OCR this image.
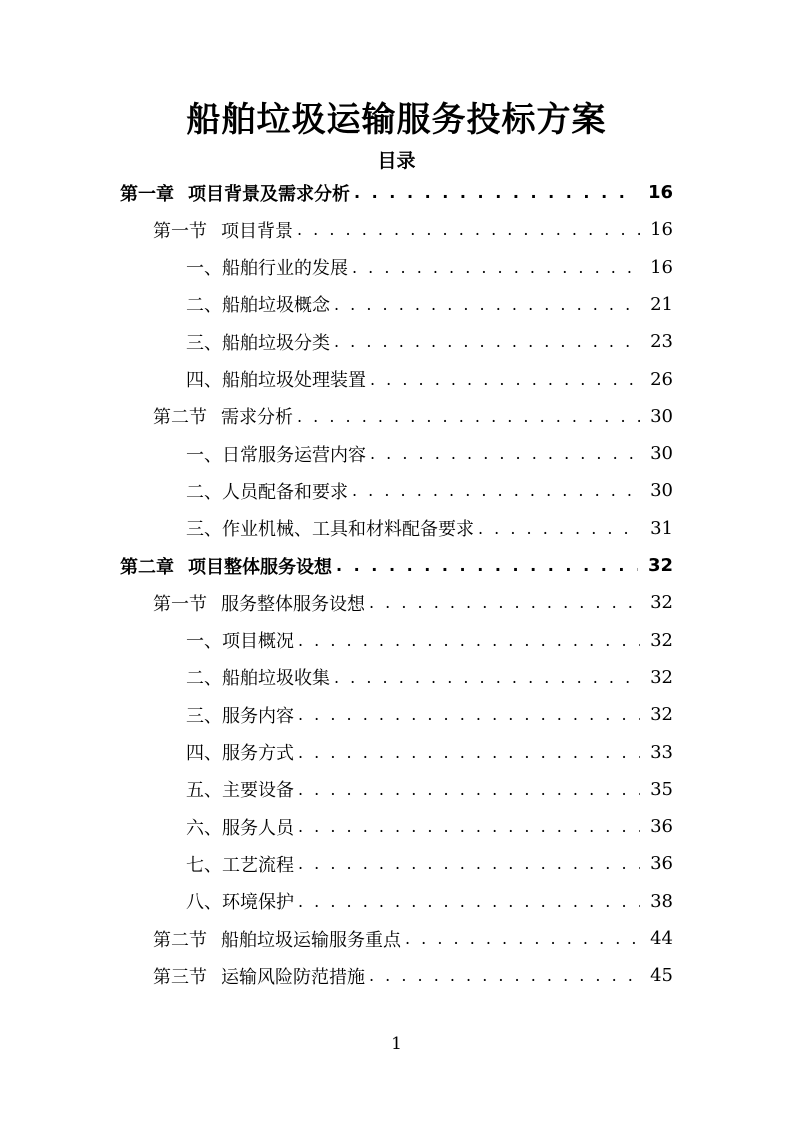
船舶垃圾运输服务投标方案
目录
第一章 项目背景及需求分析 . . .	16
第一节 项目背景 . . .	16
一、 船舶行业的发展 . . .	16
二、 船舶垃圾概念 . . .	21
三、 船舶垃圾分类 . . .	23
四、 船舶垃圾处理装置 . . .	26
第二节 需求分析 . . .	30
一、 日常服务运营内容 . . .	30
二、 人员配备和要求 . . .	30
三、 作业机械、工具和材料配备要求 . . .	31
第二章 项目整体服务设想 . . .	32
第一节 服务整体服务设想 . . .	32
一、 项目概况 . . .	32
二、 船舶垃圾收集 . . .	32
三、 服务内容 . . .	32
四、 服务方式 . . .	33
五、 主要设备 . . .	35
六、 服务人员 . . .	36
七、 工艺流程 . . .	36
八、 环境保护 . . .	38
第二节 船舶垃圾运输服务重点 . . .	44
第三节 运输风险防范措施 . . .	45
1
